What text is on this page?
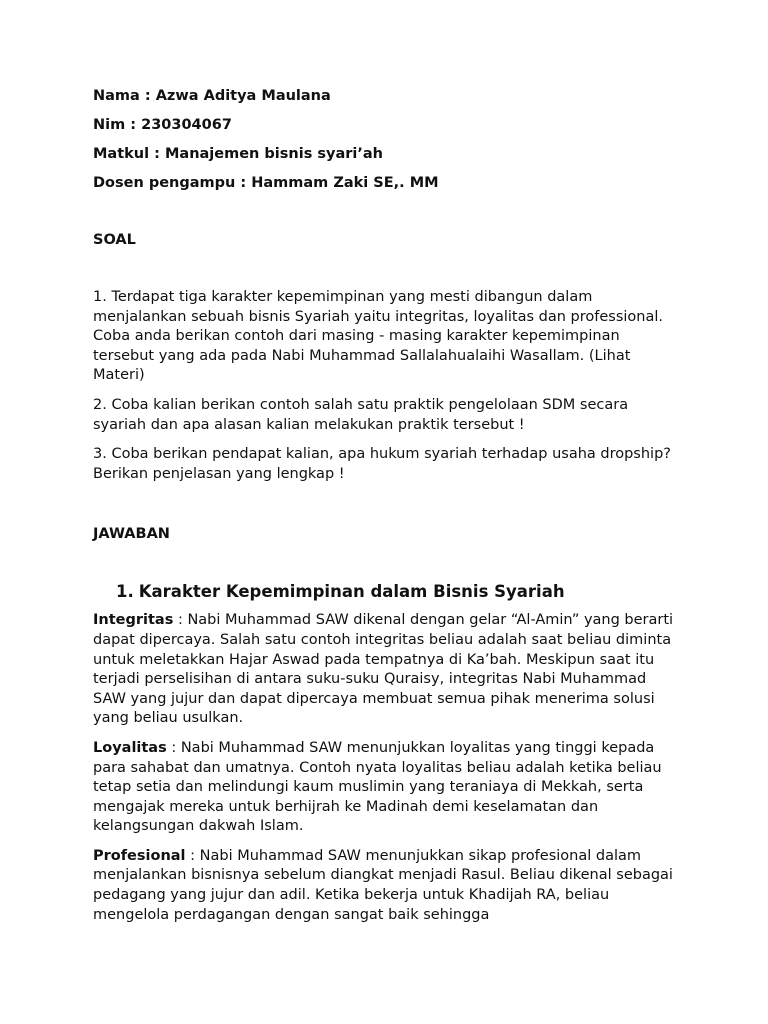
Nama : Azwa Aditya Maulana

Nim : 230304067

Matkul : Manajemen bisnis syari’ah

Dosen pengampu : Hammam Zaki SE,. MM

SOAL

1. Terdapat tiga karakter kepemimpinan yang mesti dibangun dalam menjalankan sebuah bisnis Syariah yaitu integritas, loyalitas dan professional. Coba anda berikan contoh dari masing - masing karakter kepemimpinan tersebut yang ada pada Nabi Muhammad Sallalahualaihi Wasallam. (Lihat Materi)

2. Coba kalian berikan contoh salah satu praktik pengelolaan SDM secara syariah dan apa alasan kalian melakukan praktik tersebut !

3. Coba berikan pendapat kalian, apa hukum syariah terhadap usaha dropship? Berikan penjelasan yang lengkap !

JAWABAN

1. Karakter Kepemimpinan dalam Bisnis Syariah

Integritas : Nabi Muhammad SAW dikenal dengan gelar “Al-Amin” yang berarti dapat dipercaya. Salah satu contoh integritas beliau adalah saat beliau diminta untuk meletakkan Hajar Aswad pada tempatnya di Ka’bah. Meskipun saat itu terjadi perselisihan di antara suku-suku Quraisy, integritas Nabi Muhammad SAW yang jujur dan dapat dipercaya membuat semua pihak menerima solusi yang beliau usulkan.

Loyalitas : Nabi Muhammad SAW menunjukkan loyalitas yang tinggi kepada para sahabat dan umatnya. Contoh nyata loyalitas beliau adalah ketika beliau tetap setia dan melindungi kaum muslimin yang teraniaya di Mekkah, serta mengajak mereka untuk berhijrah ke Madinah demi keselamatan dan kelangsungan dakwah Islam.

Profesional : Nabi Muhammad SAW menunjukkan sikap profesional dalam menjalankan bisnisnya sebelum diangkat menjadi Rasul. Beliau dikenal sebagai pedagang yang jujur dan adil. Ketika bekerja untuk Khadijah RA, beliau mengelola perdagangan dengan sangat baik sehingga
